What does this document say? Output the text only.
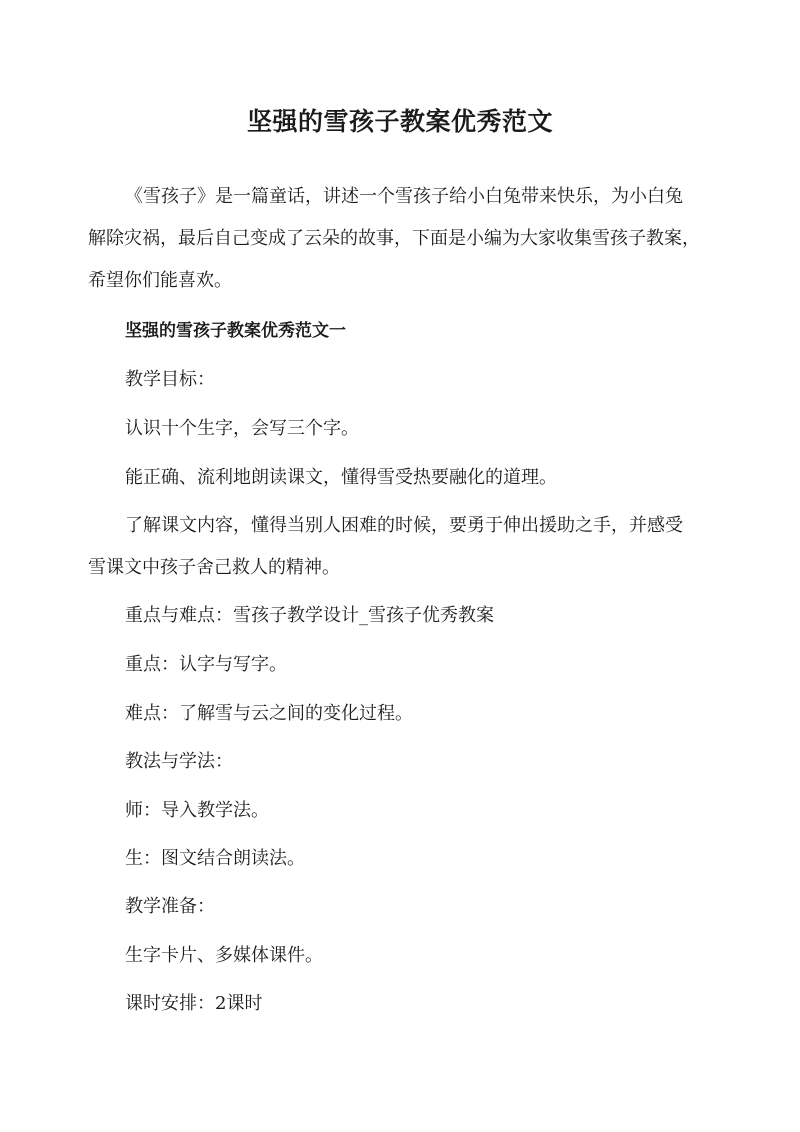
坚强的雪孩子教案优秀范文

《雪孩子》是一篇童话，讲述一个雪孩子给小白兔带来快乐，为小白兔

解除灾祸，最后自己变成了云朵的故事，下面是小编为大家收集雪孩子教案，

希望你们能喜欢。

坚强的雪孩子教案优秀范文一

教学目标：

认识十个生字，会写三个字。

能正确、流利地朗读课文，懂得雪受热要融化的道理。

了解课文内容，懂得当别人困难的时候，要勇于伸出援助之手，并感受

雪课文中孩子舍己救人的精神。

重点与难点：雪孩子教学设计_雪孩子优秀教案

重点：认字与写字。

难点：了解雪与云之间的变化过程。

教法与学法：

师：导入教学法。

生：图文结合朗读法。

教学准备：

生字卡片、多媒体课件。

课时安排：2课时
